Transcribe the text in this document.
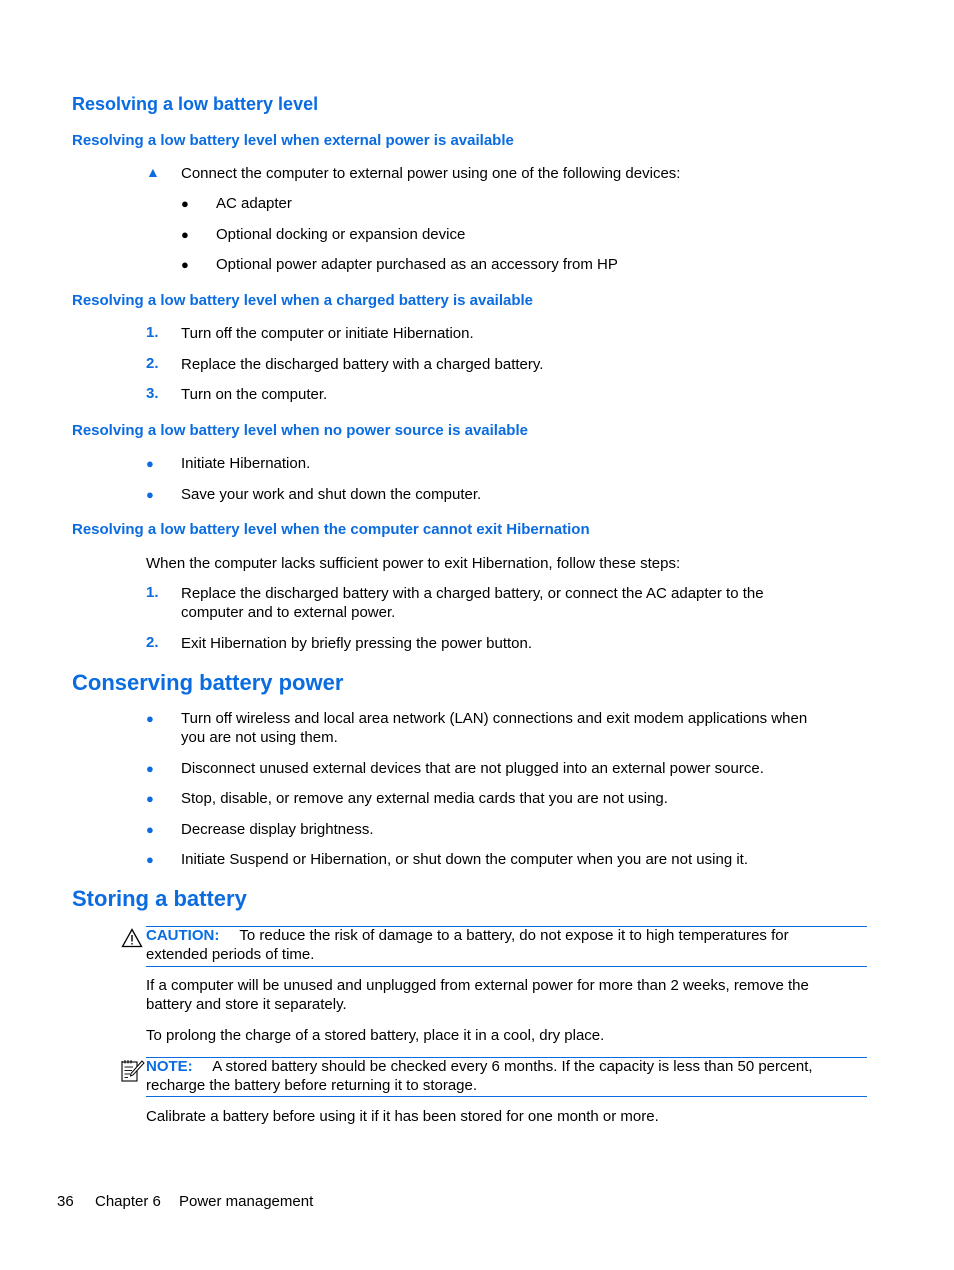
Resolving a low battery level
Resolving a low battery level when external power is available
▲ Connect the computer to external power using one of the following devices:
● AC adapter
● Optional docking or expansion device
● Optional power adapter purchased as an accessory from HP
Resolving a low battery level when a charged battery is available
1. Turn off the computer or initiate Hibernation.
2. Replace the discharged battery with a charged battery.
3. Turn on the computer.
Resolving a low battery level when no power source is available
● Initiate Hibernation.
● Save your work and shut down the computer.
Resolving a low battery level when the computer cannot exit Hibernation
When the computer lacks sufficient power to exit Hibernation, follow these steps:
1. Replace the discharged battery with a charged battery, or connect the AC adapter to the
computer and to external power.
2. Exit Hibernation by briefly pressing the power button.
Conserving battery power
● Turn off wireless and local area network (LAN) connections and exit modem applications when
you are not using them.
● Disconnect unused external devices that are not plugged into an external power source.
● Stop, disable, or remove any external media cards that you are not using.
● Decrease display brightness.
● Initiate Suspend or Hibernation, or shut down the computer when you are not using it.
Storing a battery
CAUTION: To reduce the risk of damage to a battery, do not expose it to high temperatures for
extended periods of time.
If a computer will be unused and unplugged from external power for more than 2 weeks, remove the
battery and store it separately.
To prolong the charge of a stored battery, place it in a cool, dry place.
NOTE: A stored battery should be checked every 6 months. If the capacity is less than 50 percent,
recharge the battery before returning it to storage.
Calibrate a battery before using it if it has been stored for one month or more.
36 Chapter 6 Power management
